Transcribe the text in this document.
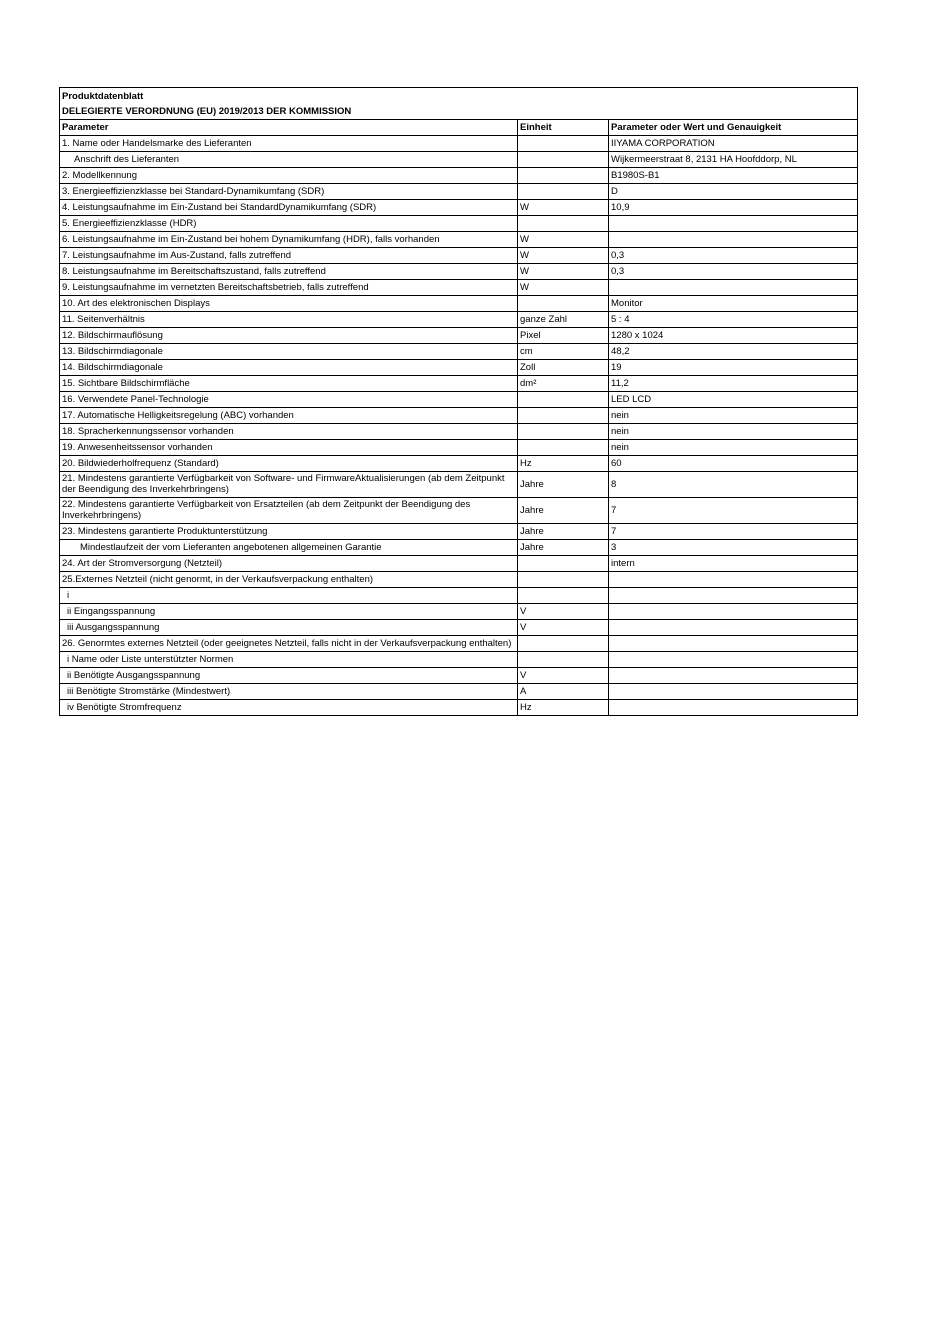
Produktdatenblatt		
DELEGIERTE VERORDNUNG (EU) 2019/2013 DER KOMMISSION		
Parameter	Einheit	Parameter oder Wert und Genauigkeit
1. Name oder Handelsmarke des Lieferanten		IIYAMA CORPORATION
Anschrift des Lieferanten		Wijkermeerstraat 8, 2131 HA Hoofddorp, NL
2. Modellkennung		B1980S-B1
3. Energieeffizienzklasse bei Standard-Dynamikumfang (SDR)		D
4. Leistungsaufnahme im Ein-Zustand bei StandardDynamikumfang (SDR)	W	10,9
5. Energieeffizienzklasse (HDR)		
6. Leistungsaufnahme im Ein-Zustand bei hohem Dynamikumfang (HDR), falls vorhanden	W	
7. Leistungsaufnahme im Aus-Zustand, falls zutreffend	W	0,3
8. Leistungsaufnahme im Bereitschaftszustand, falls zutreffend	W	0,3
9. Leistungsaufnahme im vernetzten Bereitschaftsbetrieb, falls zutreffend	W	
10. Art des elektronischen Displays		Monitor
11. Seitenverhältnis	ganze Zahl	5 : 4
12. Bildschirmauflösung	Pixel	1280 x 1024
13. Bildschirmdiagonale	cm	48,2
14. Bildschirmdiagonale	Zoll	19
15. Sichtbare Bildschirmfläche	dm²	11,2
16. Verwendete Panel-Technologie		LED LCD
17. Automatische Helligkeitsregelung (ABC) vorhanden		nein
18. Spracherkennungssensor vorhanden		nein
19. Anwesenheitssensor vorhanden		nein
20. Bildwiederholfrequenz (Standard)	Hz	60
21. Mindestens garantierte Verfügbarkeit von Software- und FirmwareAktualisierungen (ab dem Zeitpunkt der Beendigung des Inverkehrbringens)	Jahre	8
22. Mindestens garantierte Verfügbarkeit von Ersatzteilen (ab dem Zeitpunkt der Beendigung des Inverkehrbringens)	Jahre	7
23. Mindestens garantierte Produktunterstützung	Jahre	7
Mindestlaufzeit der vom Lieferanten angebotenen allgemeinen Garantie	Jahre	3
24. Art der Stromversorgung (Netzteil)		intern
25.Externes Netzteil (nicht genormt, in der Verkaufsverpackung enthalten)		
i		
ii Eingangsspannung	V	
iii Ausgangsspannung	V	
26. Genormtes externes Netzteil (oder geeignetes Netzteil, falls nicht in der Verkaufsverpackung enthalten)		
i Name oder Liste unterstützter Normen		
ii Benötigte Ausgangsspannung	V	
iii Benötigte Stromstärke (Mindestwert)	A	
iv Benötigte Stromfrequenz	Hz	
